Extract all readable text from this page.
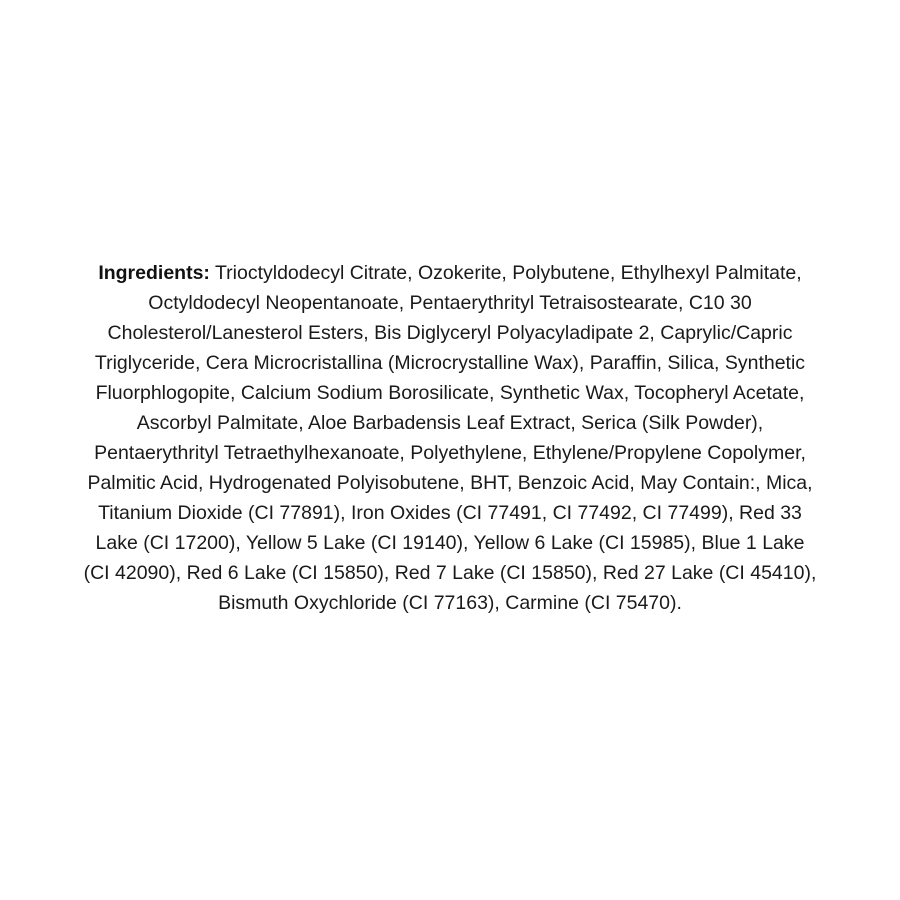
Ingredients: Trioctyldodecyl Citrate, Ozokerite, Polybutene, Ethylhexyl Palmitate, Octyldodecyl Neopentanoate, Pentaerythrityl Tetraisostearate, C10 30 Cholesterol/Lanesterol Esters, Bis Diglyceryl Polyacyladipate 2, Caprylic/Capric Triglyceride, Cera Microcristallina (Microcrystalline Wax), Paraffin, Silica, Synthetic Fluorphlogopite, Calcium Sodium Borosilicate, Synthetic Wax, Tocopheryl Acetate, Ascorbyl Palmitate, Aloe Barbadensis Leaf Extract, Serica (Silk Powder), Pentaerythrityl Tetraethylhexanoate, Polyethylene, Ethylene/Propylene Copolymer, Palmitic Acid, Hydrogenated Polyisobutene, BHT, Benzoic Acid, May Contain:, Mica, Titanium Dioxide (CI 77891), Iron Oxides (CI 77491, CI 77492, CI 77499), Red 33 Lake (CI 17200), Yellow 5 Lake (CI 19140), Yellow 6 Lake (CI 15985), Blue 1 Lake (CI 42090), Red 6 Lake (CI 15850), Red 7 Lake (CI 15850), Red 27 Lake (CI 45410), Bismuth Oxychloride (CI 77163), Carmine (CI 75470).
